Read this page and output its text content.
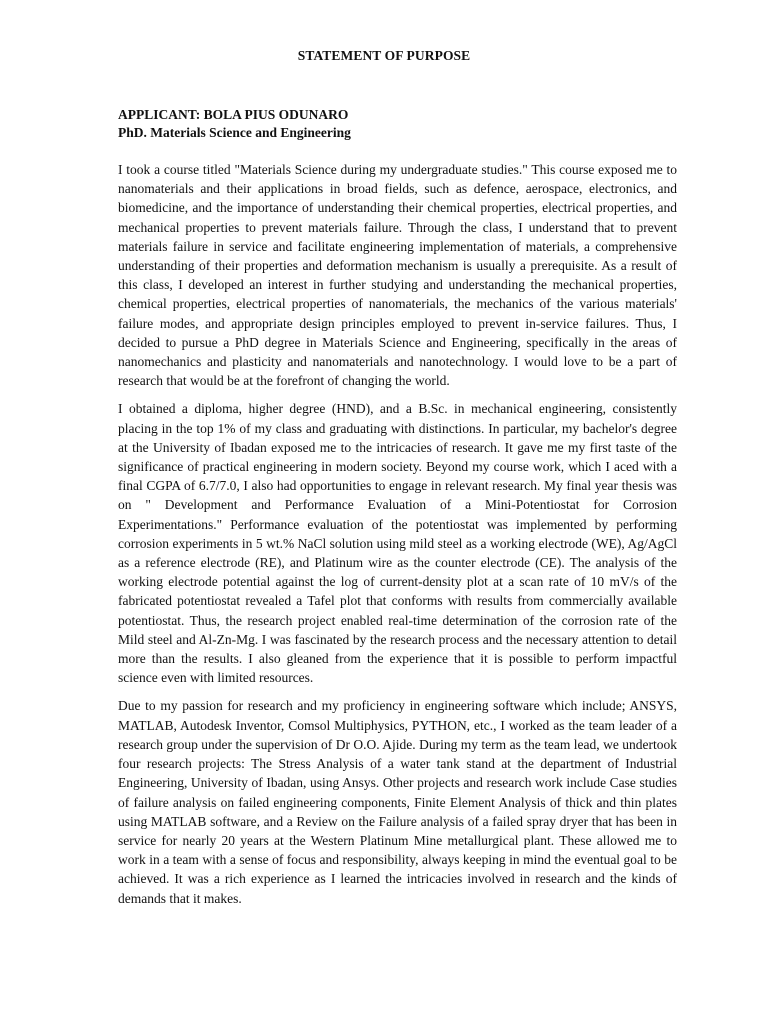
STATEMENT OF PURPOSE
APPLICANT: BOLA PIUS ODUNARO
PhD. Materials Science and Engineering

I took a course titled "Materials Science during my undergraduate studies." This course exposed me to nanomaterials and their applications in broad fields, such as defence, aerospace, electronics, and biomedicine, and the importance of understanding their chemical properties, electrical properties, and mechanical properties to prevent materials failure. Through the class, I understand that to prevent materials failure in service and facilitate engineering implementation of materials, a comprehensive understanding of their properties and deformation mechanism is usually a prerequisite. As a result of this class, I developed an interest in further studying and understanding the mechanical properties, chemical properties, electrical properties of nanomaterials, the mechanics of the various materials' failure modes, and appropriate design principles employed to prevent in-service failures. Thus, I decided to pursue a PhD degree in Materials Science and Engineering, specifically in the areas of nanomechanics and plasticity and nanomaterials and nanotechnology. I would love to be a part of research that would be at the forefront of changing the world.

I obtained a diploma, higher degree (HND), and a B.Sc. in mechanical engineering, consistently placing in the top 1% of my class and graduating with distinctions. In particular, my bachelor's degree at the University of Ibadan exposed me to the intricacies of research. It gave me my first taste of the significance of practical engineering in modern society. Beyond my course work, which I aced with a final CGPA of 6.7/7.0, I also had opportunities to engage in relevant research. My final year thesis was on " Development and Performance Evaluation of a Mini-Potentiostat for Corrosion Experimentations." Performance evaluation of the potentiostat was implemented by performing corrosion experiments in 5 wt.% NaCl solution using mild steel as a working electrode (WE), Ag/AgCl as a reference electrode (RE), and Platinum wire as the counter electrode (CE). The analysis of the working electrode potential against the log of current-density plot at a scan rate of 10 mV/s of the fabricated potentiostat revealed a Tafel plot that conforms with results from commercially available potentiostat. Thus, the research project enabled real-time determination of the corrosion rate of the Mild steel and Al-Zn-Mg. I was fascinated by the research process and the necessary attention to detail more than the results. I also gleaned from the experience that it is possible to perform impactful science even with limited resources.

Due to my passion for research and my proficiency in engineering software which include; ANSYS, MATLAB, Autodesk Inventor, Comsol Multiphysics, PYTHON, etc., I worked as the team leader of a research group under the supervision of Dr O.O. Ajide. During my term as the team lead, we undertook four research projects: The Stress Analysis of a water tank stand at the department of Industrial Engineering, University of Ibadan, using Ansys. Other projects and research work include Case studies of failure analysis on failed engineering components, Finite Element Analysis of thick and thin plates using MATLAB software, and a Review on the Failure analysis of a failed spray dryer that has been in service for nearly 20 years at the Western Platinum Mine metallurgical plant. These allowed me to work in a team with a sense of focus and responsibility, always keeping in mind the eventual goal to be achieved. It was a rich experience as I learned the intricacies involved in research and the kinds of demands that it makes.
